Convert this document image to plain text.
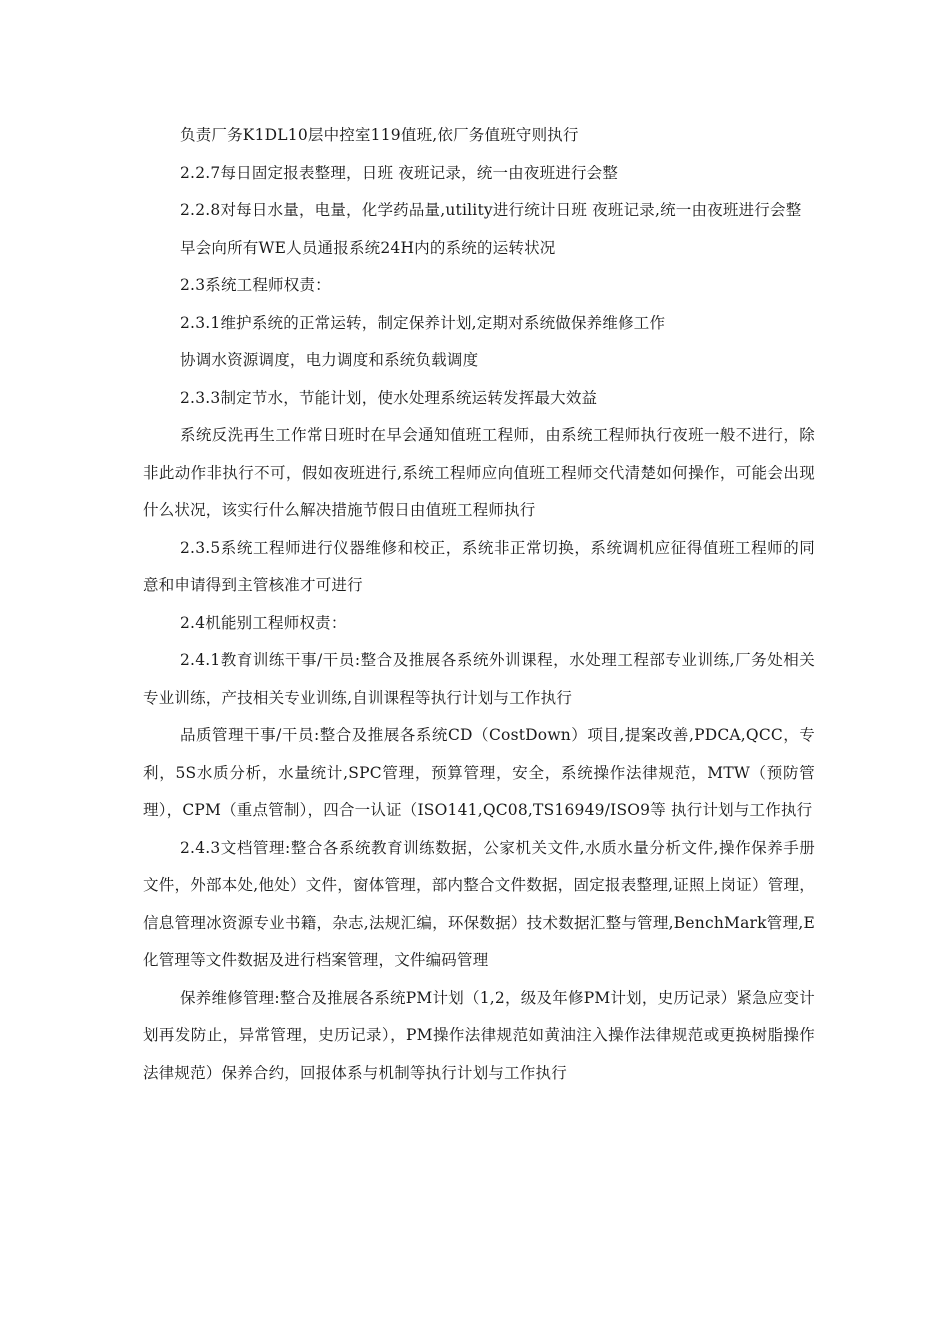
负责厂务K1DL10层中控室119值班,依厂务值班守则执行

2.2.7每日固定报表整理，日班 夜班记录，统一由夜班进行会整

2.2.8对每日水量，电量，化学药品量,utility进行统计日班 夜班记录,统一由夜班进行会整

早会向所有WE人员通报系统24H内的系统的运转状况

2.3系统工程师权责：

2.3.1维护系统的正常运转，制定保养计划,定期对系统做保养维修工作

协调水资源调度，电力调度和系统负载调度

2.3.3制定节水，节能计划，使水处理系统运转发挥最大效益

系统反洗再生工作常日班时在早会通知值班工程师，由系统工程师执行夜班一般不进行，除非此动作非执行不可，假如夜班进行,系统工程师应向值班工程师交代清楚如何操作，可能会出现什么状况，该实行什么解决措施节假日由值班工程师执行

2.3.5系统工程师进行仪器维修和校正，系统非正常切换，系统调机应征得值班工程师的同意和申请得到主管核准才可进行

2.4机能别工程师权责：

2.4.1教育训练干事/干员:整合及推展各系统外训课程，水处理工程部专业训练,厂务处相关专业训练，产技相关专业训练,自训课程等执行计划与工作执行

品质管理干事/干员:整合及推展各系统CD（CostDown）项目,提案改善,PDCA,QCC，专利，5S水质分析，水量统计,SPC管理，预算管理，安全，系统操作法律规范，MTW（预防管理），CPM（重点管制），四合一认证（ISO141,QC08,TS16949/ISO9等 执行计划与工作执行

2.4.3文档管理:整合各系统教育训练数据，公家机关文件,水质水量分析文件,操作保养手册文件，外部本处,他处）文件，窗体管理，部内整合文件数据，固定报表整理,证照上岗证）管理，信息管理冰资源专业书籍，杂志,法规汇编，环保数据）技术数据汇整与管理,BenchMark管理,E化管理等文件数据及进行档案管理，文件编码管理

保养维修管理:整合及推展各系统PM计划（1,2，级及年修PM计划，史历记录）紧急应变计划再发防止，异常管理，史历记录），PM操作法律规范如黄油注入操作法律规范或更换树脂操作法律规范）保养合约，回报体系与机制等执行计划与工作执行
